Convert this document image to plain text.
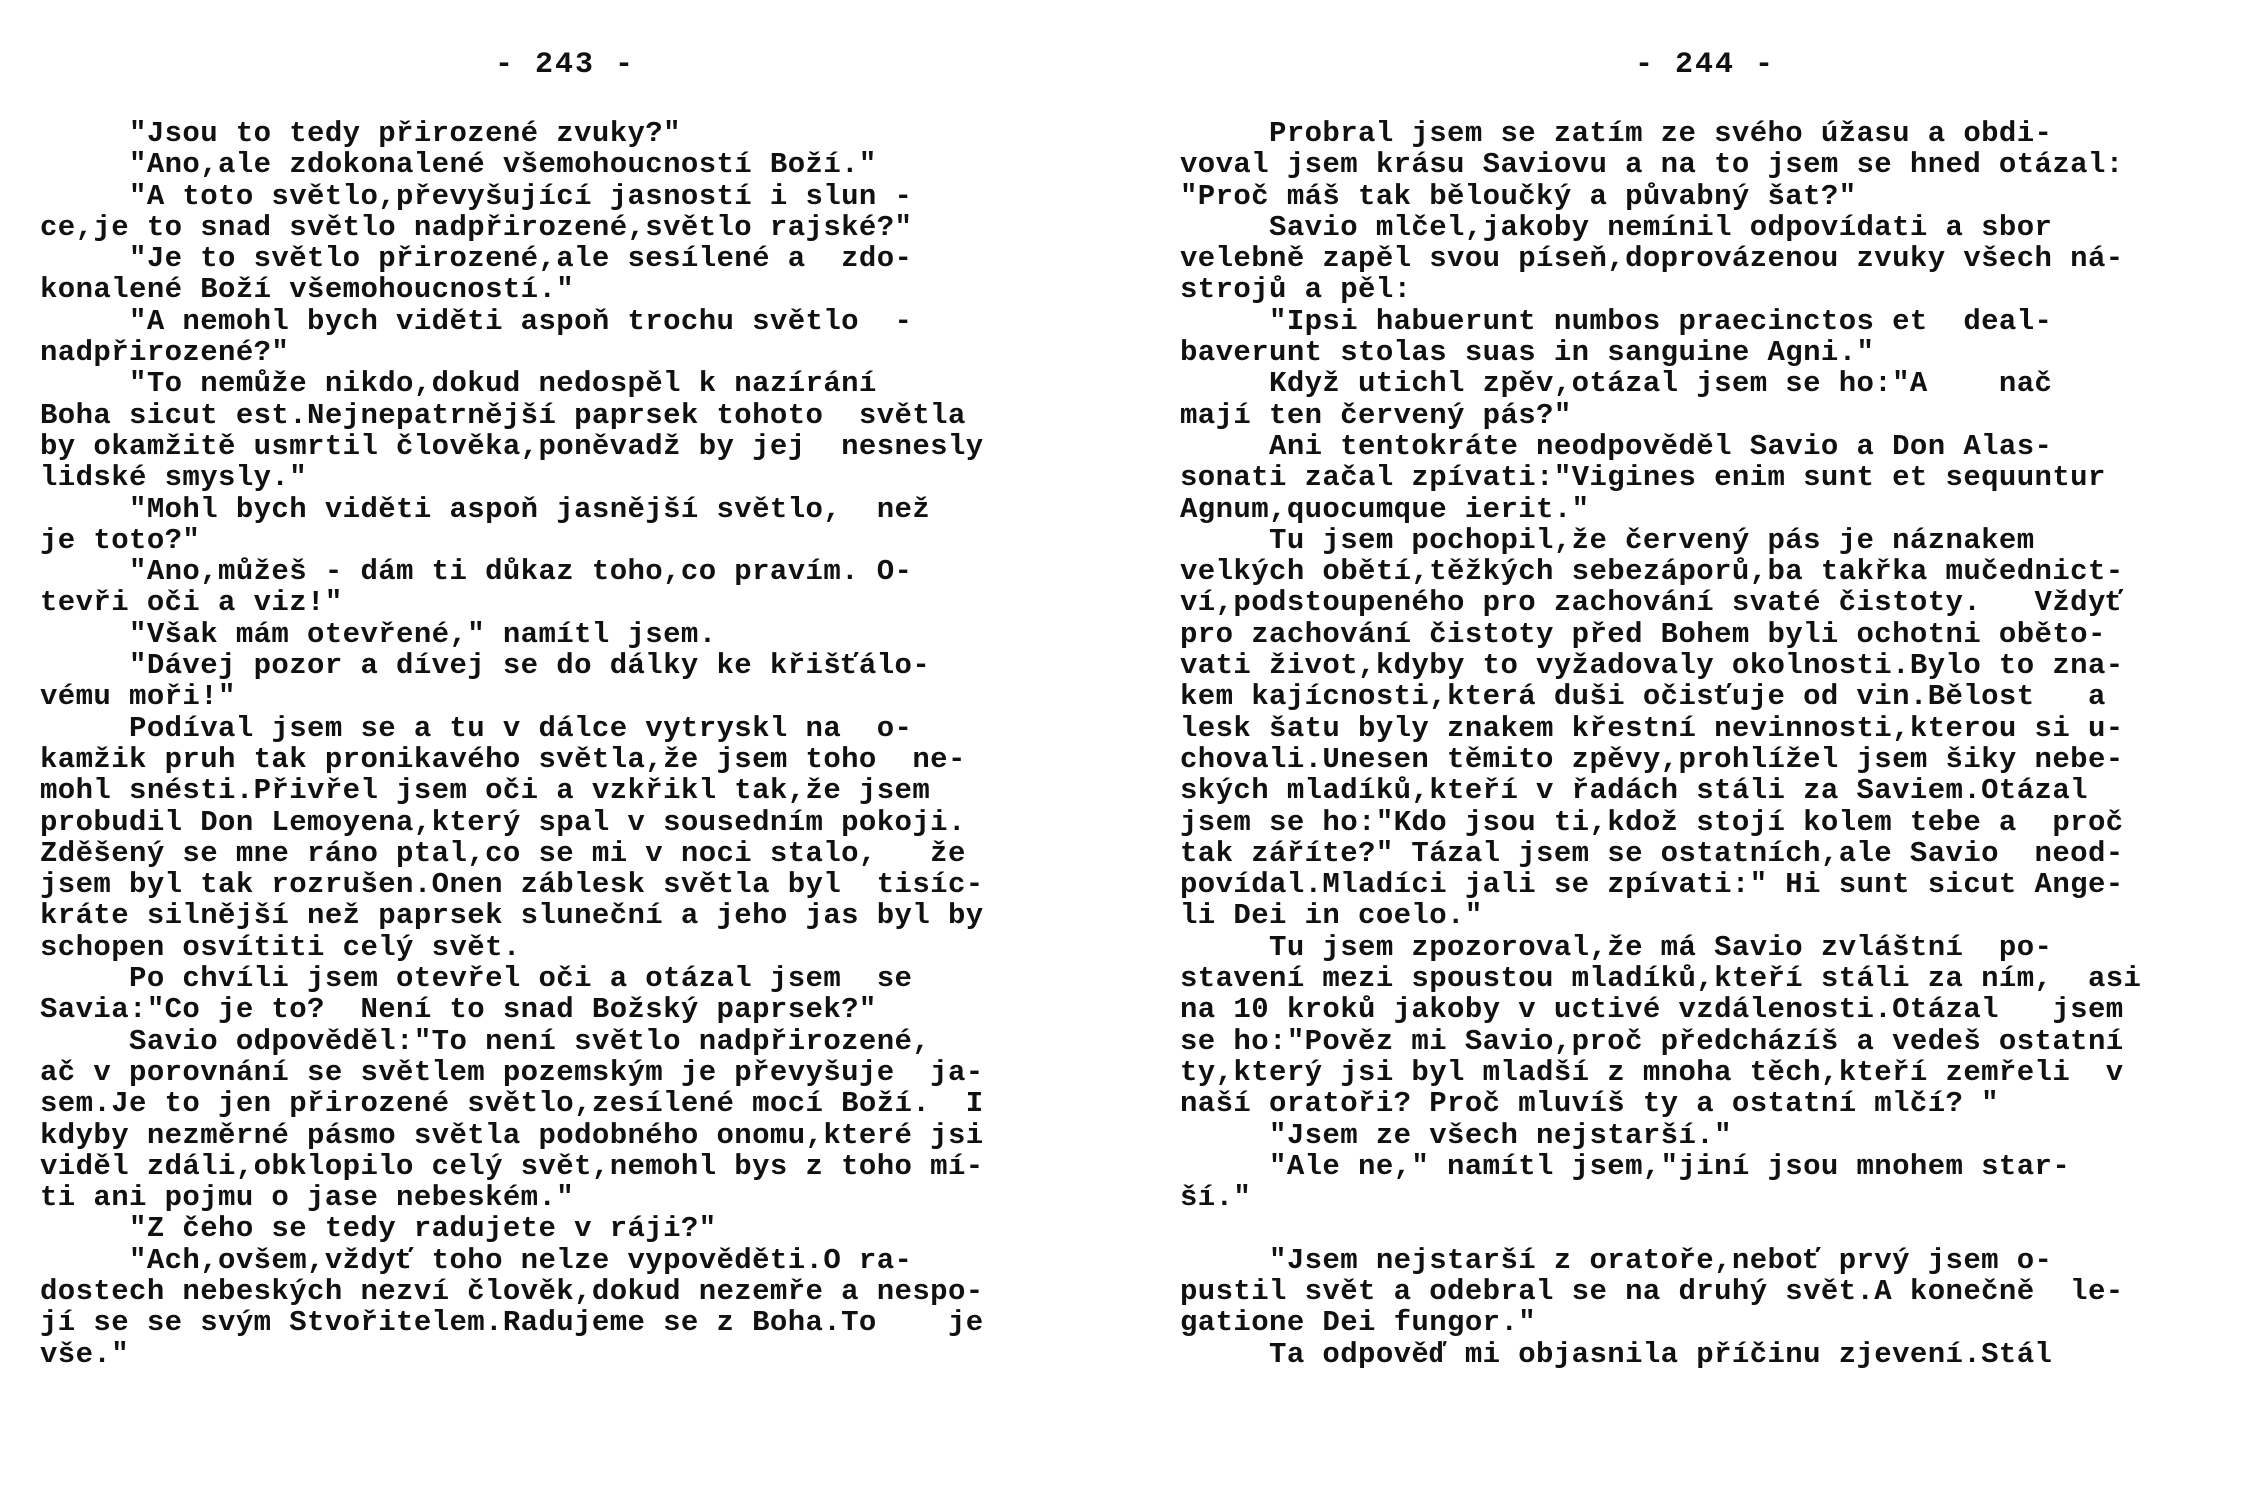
- 243 -
"Jsou to tedy přirozené zvuky?"
"Ano,ale zdokonalené všemohoucností Boží."
"A toto světlo,převyšující jasností i slun -
ce,je to snad světlo nadpřirozené,světlo rajské?"
"Je to světlo přirozené,ale sesílené a  zdo-
konalené Boží všemohoucností."
"A nemohl bych viděti aspoň trochu světlo  -
nadpřirozené?"
"To nemůže nikdo,dokud nedospěl k nazírání
Boha sicut est.Nejnepatrnější paprsek tohoto  světla
by okamžitě usmrtil člověka,poněvadž by jej  nesnesly
lidské smysly."
"Mohl bych viděti aspoň jasnější světlo,  než
je toto?"
"Ano,můžeš - dám ti důkaz toho,co pravím. O-
tevři oči a viz!"
"Však mám otevřené," namítl jsem.
"Dávej pozor a dívej se do dálky ke křišťálo-
vému moři!"
Podíval jsem se a tu v dálce vytryskl na  o-
kamžik pruh tak pronikavého světla,že jsem toho  ne-
mohl snésti.Přivřel jsem oči a vzkřikl tak,že jsem
probudil Don Lemoyena,který spal v sousedním pokoji.
Zděšený se mne ráno ptal,co se mi v noci stalo,   že
jsem byl tak rozrušen.Onen záblesk světla byl  tisíc-
kráte silnější než paprsek sluneční a jeho jas byl by
schopen osvítiti celý svět.
Po chvíli jsem otevřel oči a otázal jsem  se
Savia:"Co je to?  Není to snad Božský paprsek?"
Savio odpověděl:"To není světlo nadpřirozené,
ač v porovnání se světlem pozemským je převyšuje  ja-
sem.Je to jen přirozené světlo,zesílené mocí Boží.  I
kdyby nezměrné pásmo světla podobného onomu,které jsi
viděl zdáli,obklopilo celý svět,nemohl bys z toho mí-
ti ani pojmu o jase nebeském."
"Z čeho se tedy radujete v ráji?"
"Ach,ovšem,vždyť toho nelze vypověděti.O ra-
dostech nebeských nezví člověk,dokud nezemře a nespo-
jí se se svým Stvořitelem.Radujeme se z Boha.To    je
vše."
- 244 -
Probral jsem se zatím ze svého úžasu a obdi-
voval jsem krásu Saviovu a na to jsem se hned otázal:
"Proč máš tak běloučký a půvabný šat?"
Savio mlčel,jakoby nemínil odpovídati a sbor
velebně zapěl svou píseň,doprovázenou zvuky všech ná-
strojů a pěl:
"Ipsi habuerunt numbos praecinctos et  deal-
baverunt stolas suas in sanguine Agni."
Když utichl zpěv,otázal jsem se ho:"A    nač
mají ten červený pás?"
Ani tentokráte neodpověděl Savio a Don Alas-
sonati začal zpívati:"Vigines enim sunt et sequuntur
Agnum,quocumque ierit."
Tu jsem pochopil,že červený pás je náznakem
velkých obětí,těžkých sebezáporů,ba takřka mučednict-
ví,podstoupeného pro zachování svaté čistoty.   Vždyť
pro zachování čistoty před Bohem byli ochotni oběto-
vati život,kdyby to vyžadovaly okolnosti.Bylo to zna-
kem kajícnosti,která duši očisťuje od vin.Bělost   a
lesk šatu byly znakem křestní nevinnosti,kterou si u-
chovali.Unesen těmito zpěvy,prohlížel jsem šiky nebe-
ských mladíků,kteří v řadách stáli za Saviem.Otázal
jsem se ho:"Kdo jsou ti,kdož stojí kolem tebe a  proč
tak záříte?" Tázal jsem se ostatních,ale Savio  neod-
povídal.Mladíci jali se zpívati:" Hi sunt sicut Ange-
li Dei in coelo."
Tu jsem zpozoroval,že má Savio zvláštní  po-
stavení mezi spoustou mladíků,kteří stáli za ním,  asi
na 10 kroků jakoby v uctivé vzdálenosti.Otázal   jsem
se ho:"Pověz mi Savio,proč předcházíš a vedeš ostatní
ty,který jsi byl mladší z mnoha těch,kteří zemřeli  v
naší oratoři? Proč mluvíš ty a ostatní mlčí? "
"Jsem ze všech nejstarší."
"Ale ne," namítl jsem,"jiní jsou mnohem star-
ší."
"Jsem nejstarší z oratoře,neboť prvý jsem o-
pustil svět a odebral se na druhý svět.A konečně  le-
gatione Dei fungor."
Ta odpověď mi objasnila příčinu zjevení.Stál
